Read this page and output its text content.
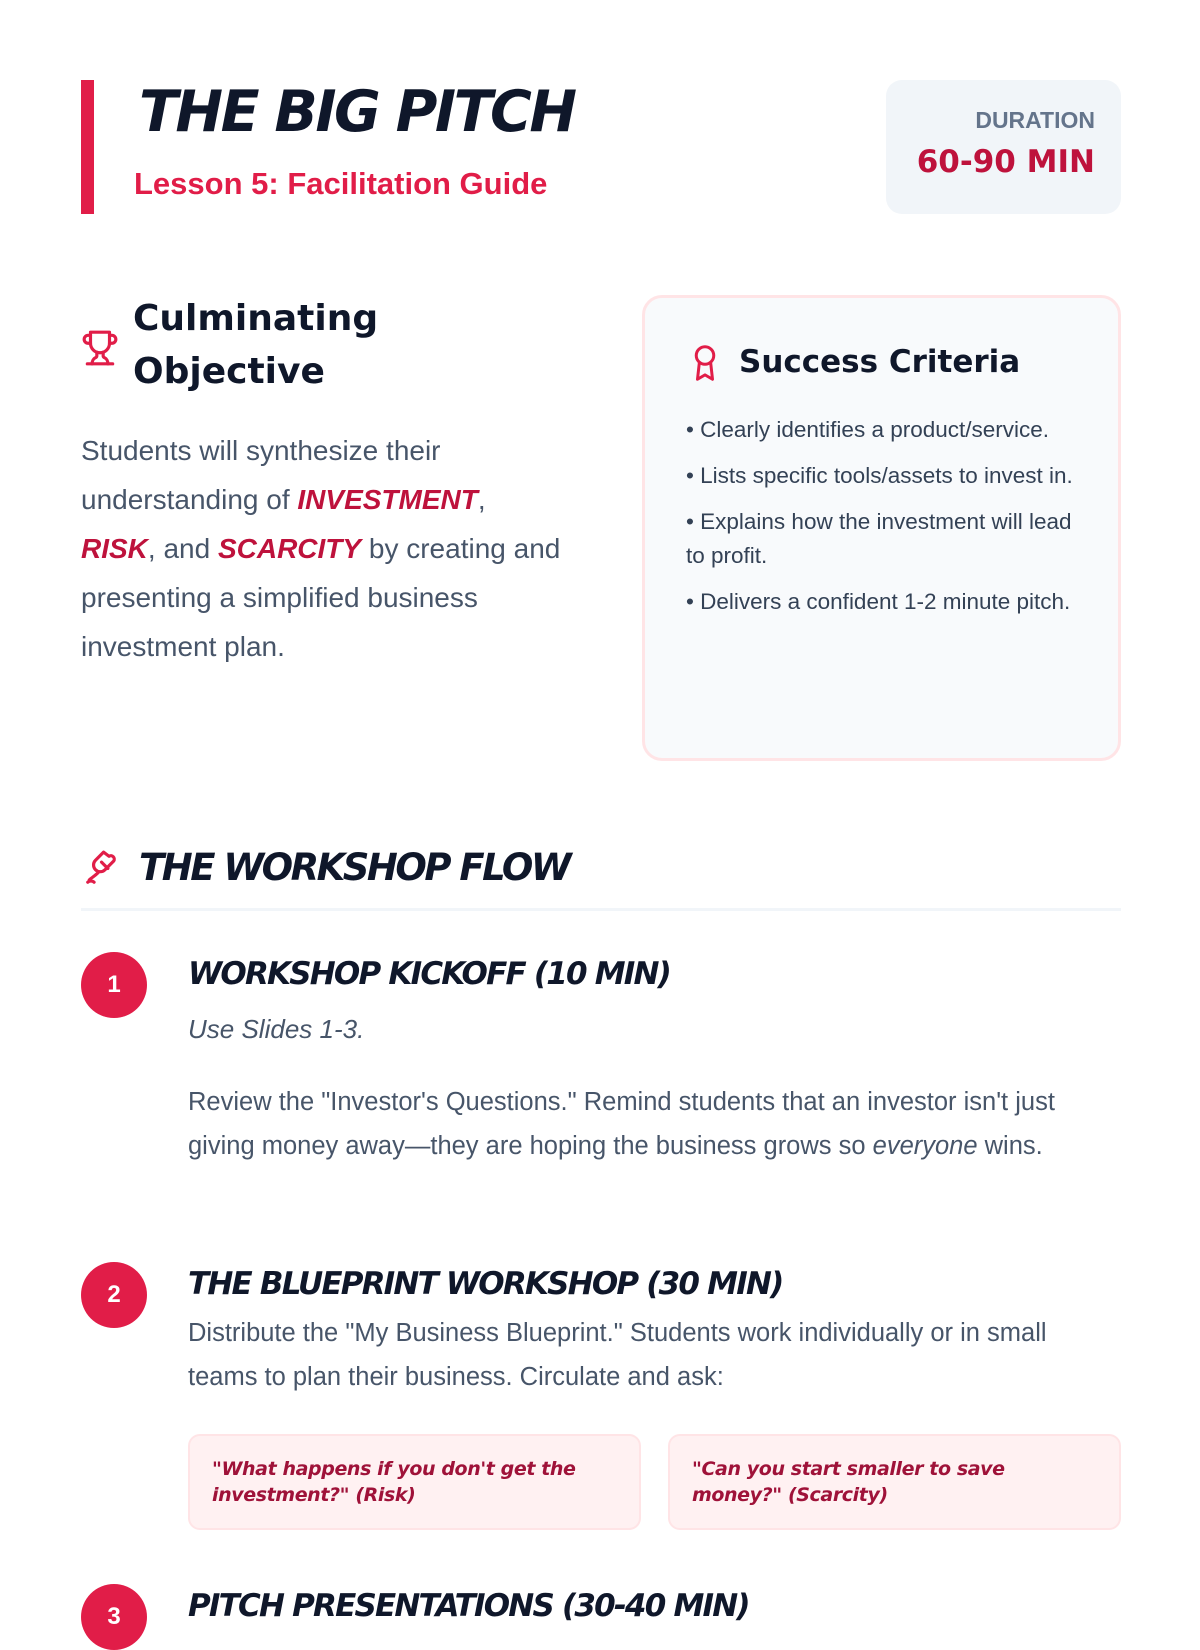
THE BIG PITCH
Lesson 5: Facilitation Guide
DURATION
60-90 MIN
Culminating
Objective

Students will synthesize their understanding of INVESTMENT, RISK, and SCARCITY by creating and presenting a simplified business investment plan.

Success Criteria
• Clearly identifies a product/service.
• Lists specific tools/assets to invest in.
• Explains how the investment will lead to profit.
• Delivers a confident 1-2 minute pitch.
THE WORKSHOP FLOW
1	WORKSHOP KICKOFF (10 MIN)
Use Slides 1-3.

Review the "Investor's Questions." Remind students that an investor isn't just giving money away—they are hoping the business grows so everyone wins.

2	THE BLUEPRINT WORKSHOP (30 MIN)

Distribute the "My Business Blueprint." Students work individually or in small teams to plan their business. Circulate and ask:

"What happens if you don't get the investment?" (Risk)
"Can you start smaller to save money?" (Scarcity)
3	PITCH PRESENTATIONS (30-40 MIN)
